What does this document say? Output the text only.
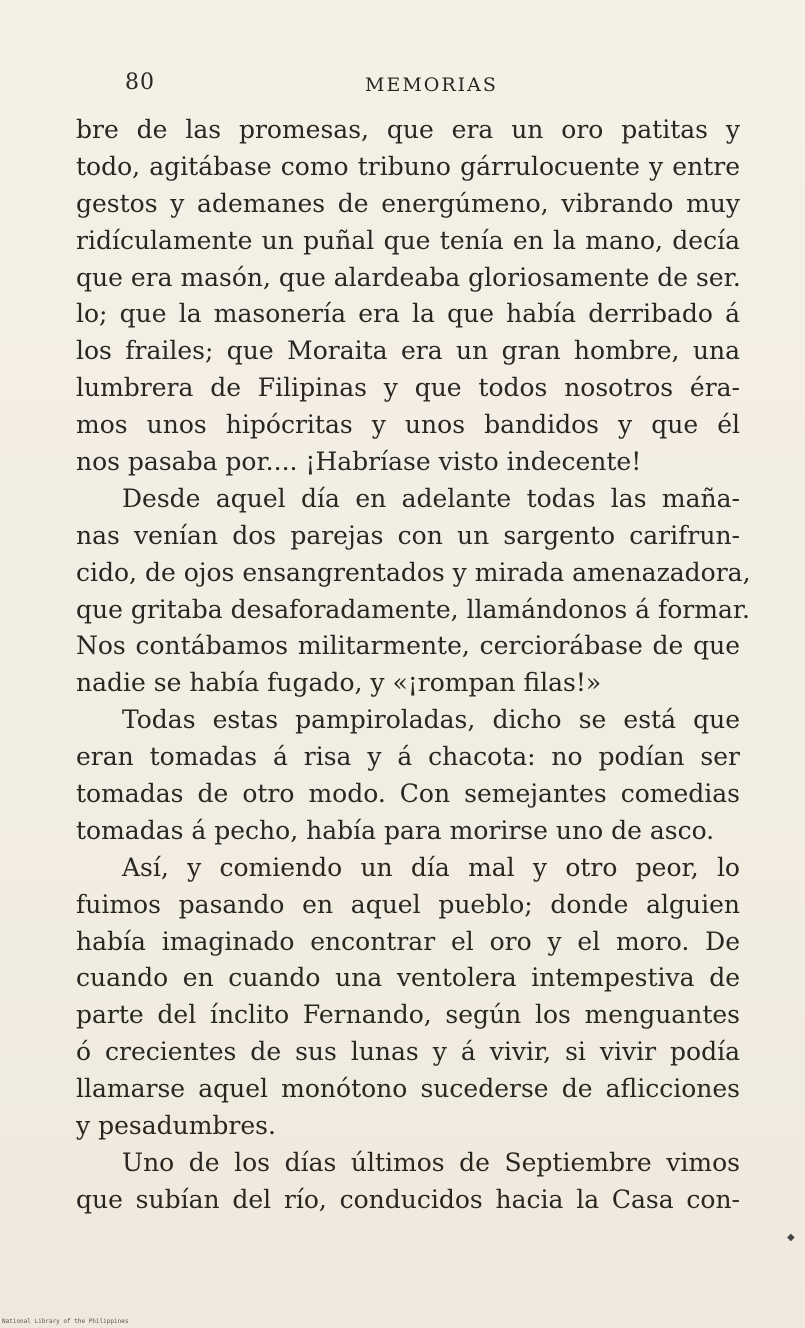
80	MEMORIAS
bre de las promesas, que era un oro patitas y
todo, agitábase como tribuno gárrulocuente y entre
gestos y ademanes de energúmeno, vibrando muy
ridículamente un puñal que tenía en la mano, decía
que era masón, que alardeaba gloriosamente de ser.
lo; que la masonería era la que había derribado á
los frailes; que Moraita era un gran hombre, una
lumbrera de Filipinas y que todos nosotros éra-
mos unos hipócritas y unos bandidos y que él
nos pasaba por.... ¡Habríase visto indecente!
Desde aquel día en adelante todas las maña-
nas venían dos parejas con un sargento carifrun-
cido, de ojos ensangrentados y mirada amenazadora,
que gritaba desaforadamente, llamándonos á formar.
Nos contábamos militarmente, cerciorábase de que
nadie se había fugado, y «¡rompan filas!»
Todas estas pampiroladas, dicho se está que
eran tomadas á risa y á chacota: no podían ser
tomadas de otro modo. Con semejantes comedias
tomadas á pecho, había para morirse uno de asco.
Así, y comiendo un día mal y otro peor, lo
fuimos pasando en aquel pueblo; donde alguien
había imaginado encontrar el oro y el moro. De
cuando en cuando una ventolera intempestiva de
parte del ínclito Fernando, según los menguantes
ó crecientes de sus lunas y á vivir, si vivir podía
llamarse aquel monótono sucederse de aflicciones
y pesadumbres.
Uno de los días últimos de Septiembre vimos
que subían del río, conducidos hacia la Casa con-
◆
National Library of the Philippines
